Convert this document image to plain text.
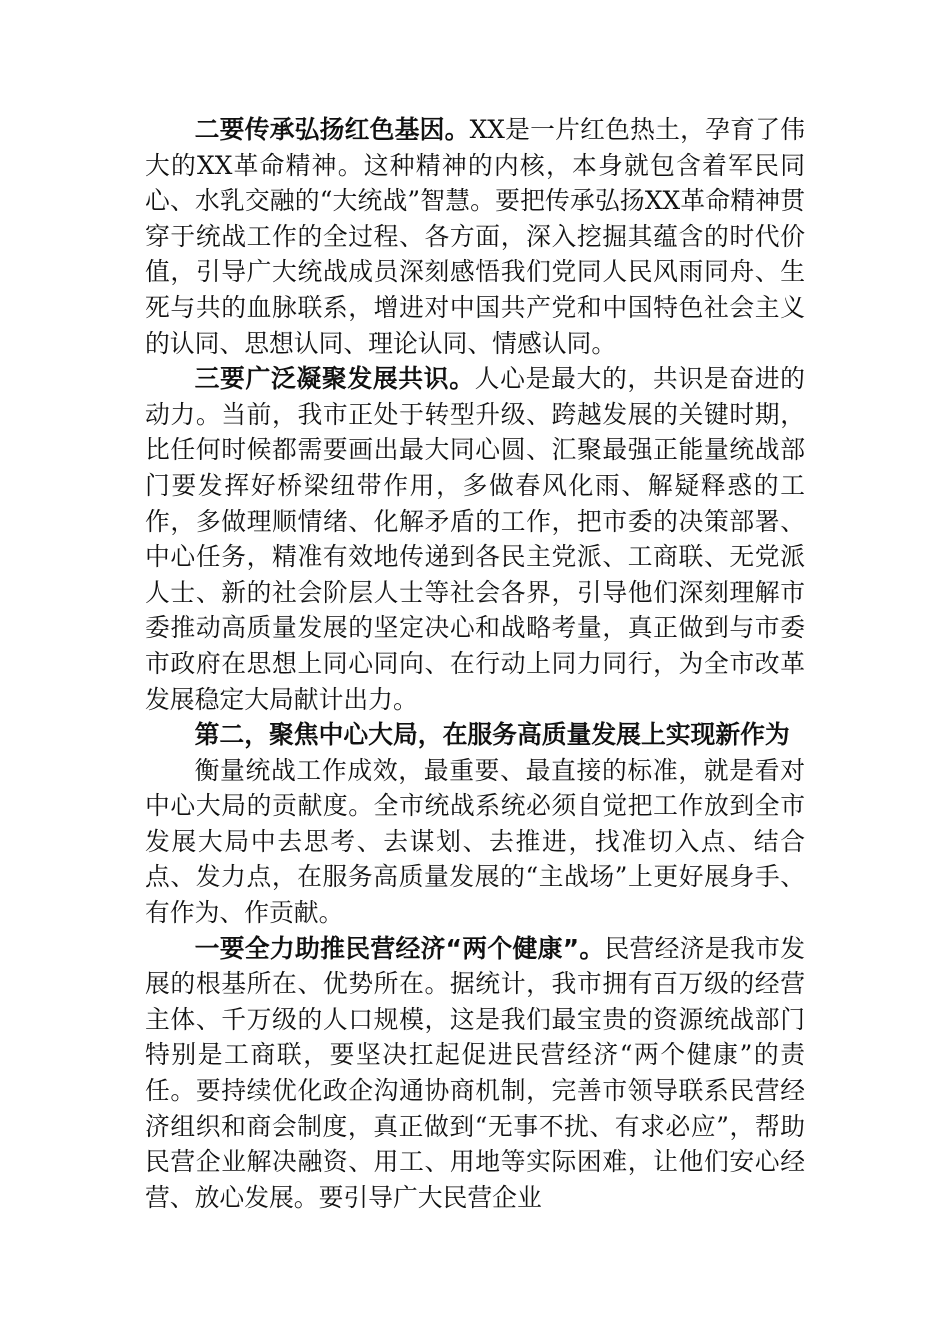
二要传承弘扬红色基因。XX是一片红色热土，孕育了伟大的XX革命精神。这种精神的内核，本身就包含着军民同心、水乳交融的“大统战”智慧。要把传承弘扬XX革命精神贯穿于统战工作的全过程、各方面，深入挖掘其蕴含的时代价值，引导广大统战成员深刻感悟我们党同人民风雨同舟、生死与共的血脉联系，增进对中国共产党和中国特色社会主义的认同、思想认同、理论认同、情感认同。

三要广泛凝聚发展共识。人心是最大的，共识是奋进的动力。当前，我市正处于转型升级、跨越发展的关键时期，比任何时候都需要画出最大同心圆、汇聚最强正能量统战部门要发挥好桥梁纽带作用，多做春风化雨、解疑释惑的工作，多做理顺情绪、化解矛盾的工作，把市委的决策部署、中心任务，精准有效地传递到各民主党派、工商联、无党派人士、新的社会阶层人士等社会各界，引导他们深刻理解市委推动高质量发展的坚定决心和战略考量，真正做到与市委市政府在思想上同心同向、在行动上同力同行，为全市改革发展稳定大局献计出力。

第二，聚焦中心大局，在服务高质量发展上实现新作为

衡量统战工作成效，最重要、最直接的标准，就是看对中心大局的贡献度。全市统战系统必须自觉把工作放到全市发展大局中去思考、去谋划、去推进，找准切入点、结合点、发力点，在服务高质量发展的“主战场”上更好展身手、有作为、作贡献。

一要全力助推民营经济“两个健康”。民营经济是我市发展的根基所在、优势所在。据统计，我市拥有百万级的经营主体、千万级的人口规模，这是我们最宝贵的资源统战部门特别是工商联，要坚决扛起促进民营经济“两个健康”的责任。要持续优化政企沟通协商机制，完善市领导联系民营经济组织和商会制度，真正做到“无事不扰、有求必应”，帮助民营企业解决融资、用工、用地等实际困难，让他们安心经营、放心发展。要引导广大民营企业
